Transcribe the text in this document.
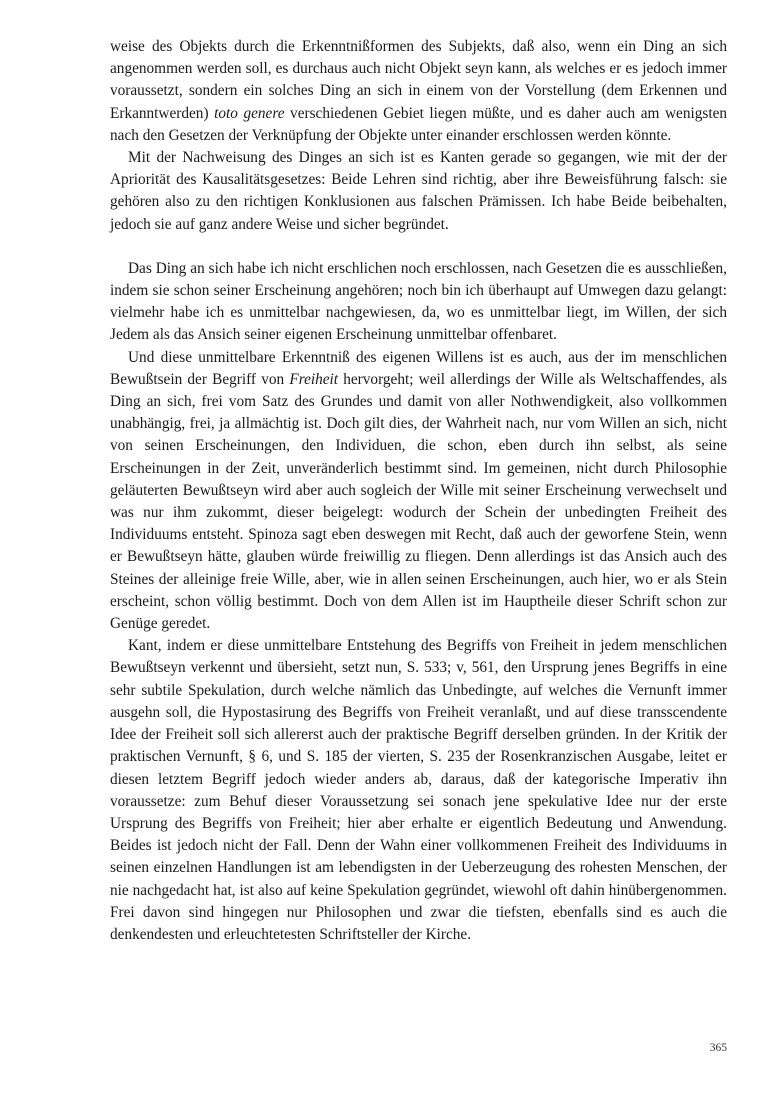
weise des Objekts durch die Erkenntnißformen des Subjekts, daß also, wenn ein Ding an sich angenommen werden soll, es durchaus auch nicht Objekt seyn kann, als welches er es jedoch immer voraussetzt, sondern ein solches Ding an sich in einem von der Vorstellung (dem Erkennen und Erkanntwerden) toto genere verschiedenen Gebiet liegen müßte, und es daher auch am wenigsten nach den Gesetzen der Verknüpfung der Objekte unter einander erschlossen werden könnte.

Mit der Nachweisung des Dinges an sich ist es Kanten gerade so gegangen, wie mit der der Apriorität des Kausalitätsgesetzes: Beide Lehren sind richtig, aber ihre Beweisführung falsch: sie gehören also zu den richtigen Konklusionen aus falschen Prämissen. Ich habe Beide beibehalten, jedoch sie auf ganz andere Weise und sicher begründet.

Das Ding an sich habe ich nicht erschlichen noch erschlossen, nach Gesetzen die es ausschließen, indem sie schon seiner Erscheinung angehören; noch bin ich überhaupt auf Umwegen dazu gelangt: vielmehr habe ich es unmittelbar nachgewiesen, da, wo es unmittelbar liegt, im Willen, der sich Jedem als das Ansich seiner eigenen Erscheinung unmittelbar offenbaret.

Und diese unmittelbare Erkenntniß des eigenen Willens ist es auch, aus der im menschlichen Bewußtsein der Begriff von Freiheit hervorgeht; weil allerdings der Wille als Weltschaffendes, als Ding an sich, frei vom Satz des Grundes und damit von aller Nothwendigkeit, also vollkommen unabhängig, frei, ja allmächtig ist. Doch gilt dies, der Wahrheit nach, nur vom Willen an sich, nicht von seinen Erscheinungen, den Individuen, die schon, eben durch ihn selbst, als seine Erscheinungen in der Zeit, unveränderlich bestimmt sind. Im gemeinen, nicht durch Philosophie geläuterten Bewußtseyn wird aber auch sogleich der Wille mit seiner Erscheinung verwechselt und was nur ihm zukommt, dieser beigelegt: wodurch der Schein der unbedingten Freiheit des Individuums entsteht. Spinoza sagt eben deswegen mit Recht, daß auch der geworfene Stein, wenn er Bewußtseyn hätte, glauben würde freiwillig zu fliegen. Denn allerdings ist das Ansich auch des Steines der alleinige freie Wille, aber, wie in allen seinen Erscheinungen, auch hier, wo er als Stein erscheint, schon völlig bestimmt. Doch von dem Allen ist im Hauptheile dieser Schrift schon zur Genüge geredet.

Kant, indem er diese unmittelbare Entstehung des Begriffs von Freiheit in jedem menschlichen Bewußtseyn verkennt und übersieht, setzt nun, S. 533; v, 561, den Ursprung jenes Begriffs in eine sehr subtile Spekulation, durch welche nämlich das Unbedingte, auf welches die Vernunft immer ausgehn soll, die Hypostasirung des Begriffs von Freiheit veranlaßt, und auf diese transscendente Idee der Freiheit soll sich allererst auch der praktische Begriff derselben gründen. In der Kritik der praktischen Vernunft, § 6, und S. 185 der vierten, S. 235 der Rosenkranzischen Ausgabe, leitet er diesen letztem Begriff jedoch wieder anders ab, daraus, daß der kategorische Imperativ ihn voraussetze: zum Behuf dieser Voraussetzung sei sonach jene spekulative Idee nur der erste Ursprung des Begriffs von Freiheit; hier aber erhalte er eigentlich Bedeutung und Anwendung. Beides ist jedoch nicht der Fall. Denn der Wahn einer vollkommenen Freiheit des Individuums in seinen einzelnen Handlungen ist am lebendigsten in der Ueberzeugung des rohesten Menschen, der nie nachgedacht hat, ist also auf keine Spekulation gegründet, wiewohl oft dahin hinübergenommen. Frei davon sind hingegen nur Philosophen und zwar die tiefsten, ebenfalls sind es auch die denkendesten und erleuchtetesten Schriftsteller der Kirche.

365
